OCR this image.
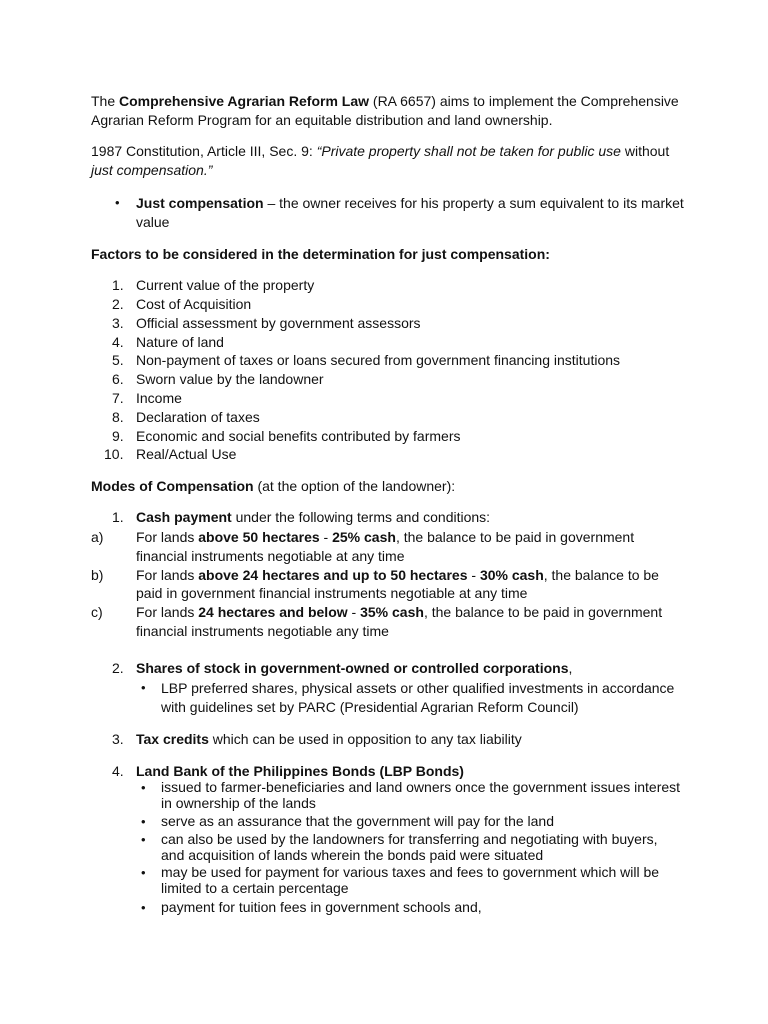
The Comprehensive Agrarian Reform Law (RA 6657) aims to implement the Comprehensive
Agrarian Reform Program for an equitable distribution and land ownership.
1987 Constitution, Article III, Sec. 9: “Private property shall not be taken for public use without
just compensation.”
• Just compensation – the owner receives for his property a sum equivalent to its market
value
Factors to be considered in the determination for just compensation:
1. Current value of the property
2. Cost of Acquisition
3. Official assessment by government assessors
4. Nature of land
5. Non-payment of taxes or loans secured from government financing institutions
6. Sworn value by the landowner
7. Income
8. Declaration of taxes
9. Economic and social benefits contributed by farmers
10. Real/Actual Use
Modes of Compensation (at the option of the landowner):
1. Cash payment under the following terms and conditions:
a) For lands above 50 hectares - 25% cash, the balance to be paid in government
financial instruments negotiable at any time
b) For lands above 24 hectares and up to 50 hectares - 30% cash, the balance to be
paid in government financial instruments negotiable at any time
c) For lands 24 hectares and below - 35% cash, the balance to be paid in government
financial instruments negotiable any time
2. Shares of stock in government-owned or controlled corporations,
• LBP preferred shares, physical assets or other qualified investments in accordance
with guidelines set by PARC (Presidential Agrarian Reform Council)
3. Tax credits which can be used in opposition to any tax liability
4. Land Bank of the Philippines Bonds (LBP Bonds)
• issued to farmer-beneficiaries and land owners once the government issues interest
in ownership of the lands
• serve as an assurance that the government will pay for the land
• can also be used by the landowners for transferring and negotiating with buyers,
and acquisition of lands wherein the bonds paid were situated
• may be used for payment for various taxes and fees to government which will be
limited to a certain percentage
• payment for tuition fees in government schools and,
